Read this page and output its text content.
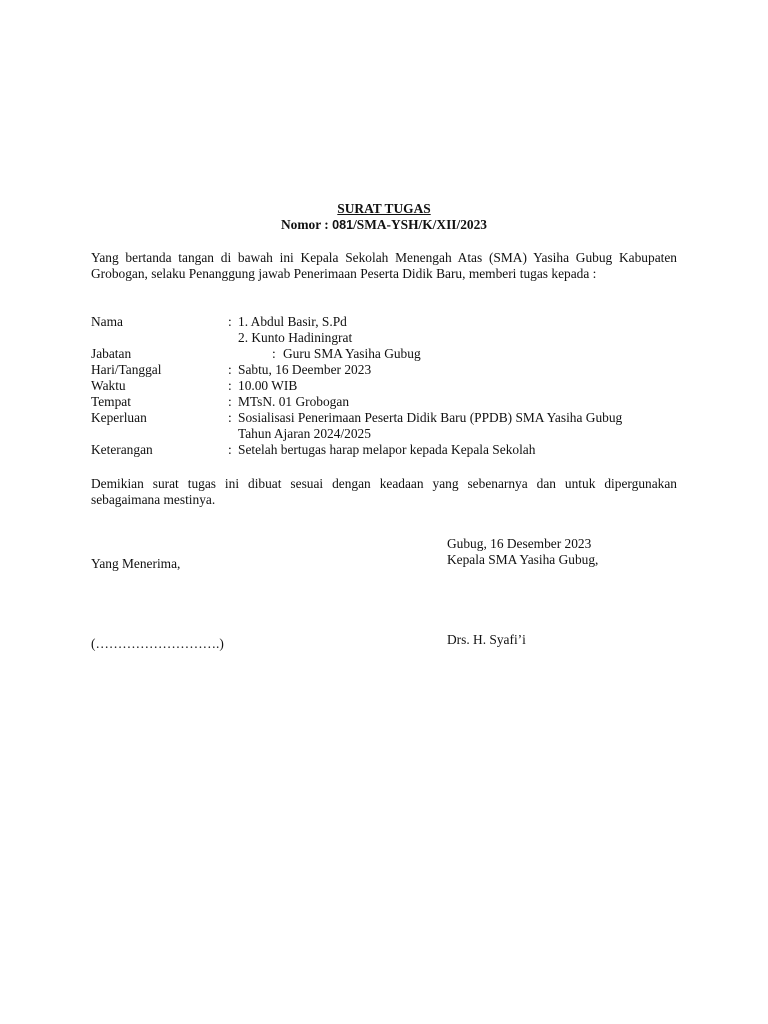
SURAT TUGAS
Nomor : 081/SMA-YSH/K/XII/2023
Yang bertanda tangan di bawah ini Kepala Sekolah Menengah Atas (SMA) Yasiha Gubug Kabupaten Grobogan, selaku Penanggung jawab Penerimaan Peserta Didik Baru, memberi tugas kepada :
Nama	: 1. Abdul Basir, S.Pd
2. Kunto Hadiningrat
Jabatan	: Guru SMA Yasiha Gubug
Hari/Tanggal	: Sabtu, 16 Deember 2023
Waktu	: 10.00 WIB
Tempat	: MTsN. 01 Grobogan
Keperluan	: Sosialisasi Penerimaan Peserta Didik Baru (PPDB) SMA Yasiha Gubug
Tahun Ajaran 2024/2025
Keterangan	: Setelah bertugas harap melapor kepada Kepala Sekolah
Demikian surat tugas ini dibuat sesuai dengan keadaan yang sebenarnya dan untuk dipergunakan sebagaimana mestinya.
Gubug, 16 Desember 2023
Kepala SMA Yasiha Gubug,
Yang Menerima,
Drs. H. Syafi’i
(……………………….)
